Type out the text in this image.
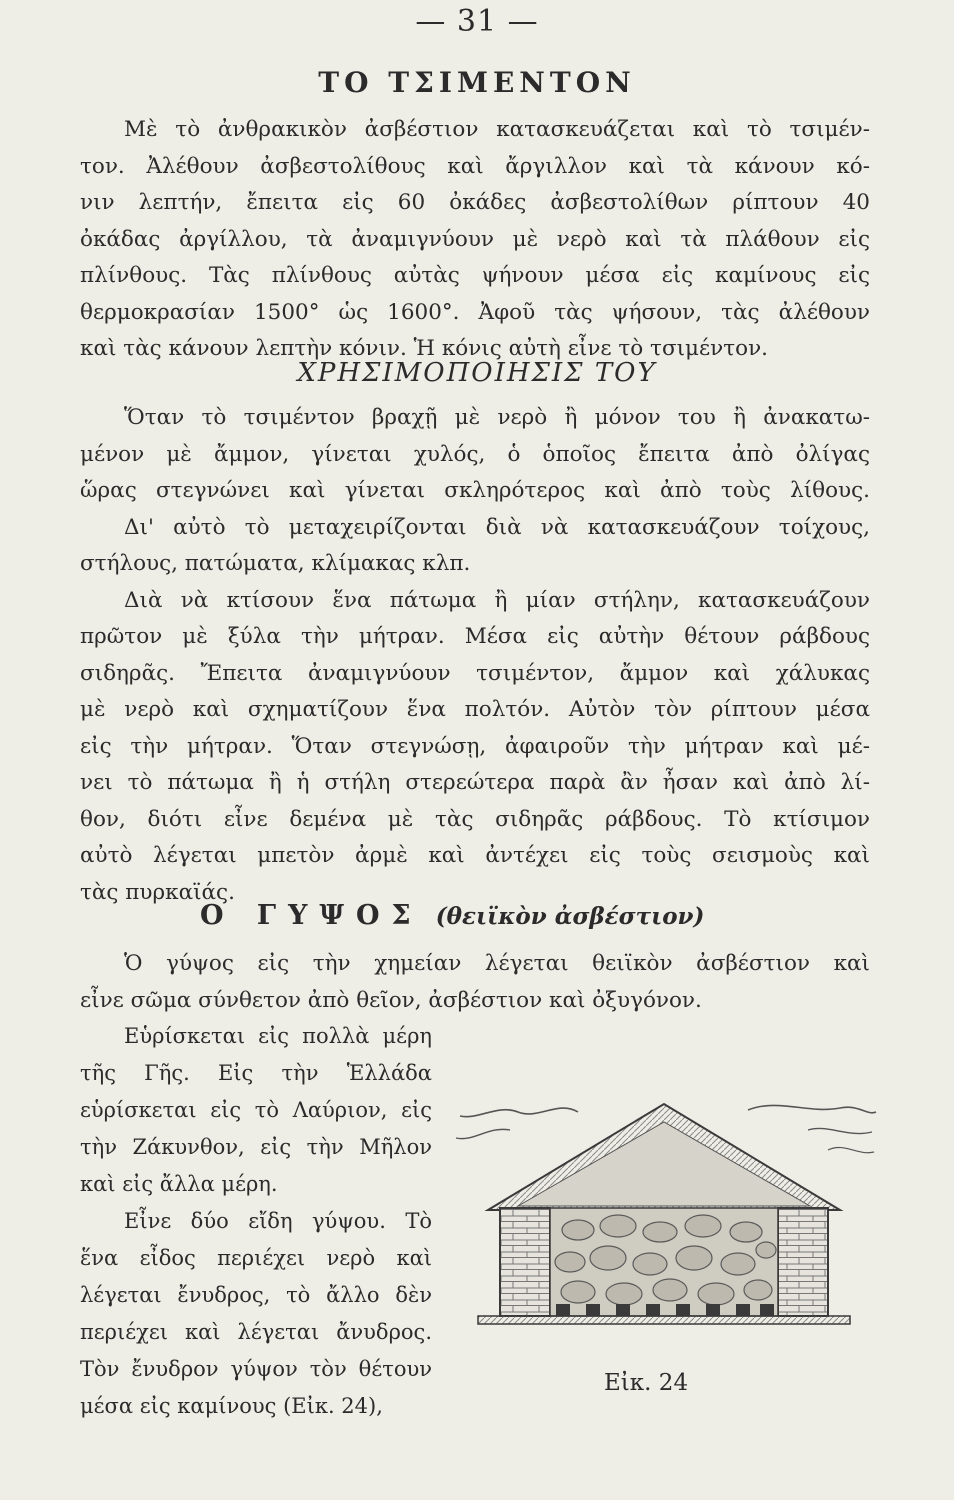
— 31 —
ΤΟ ΤΣΙΜΕΝΤΟΝ
Μὲ τὸ ἀνθρακικὸν ἀσβέστιον κατασκευάζεται καὶ τὸ τσιμέν-
τον. Ἀλέθουν ἀσβεστολίθους καὶ ἄργιλλον καὶ τὰ κάνουν κό-
νιν λεπτήν, ἔπειτα εἰς 60 ὀκάδες ἀσβεστολίθων ρίπτουν 40
ὀκάδας ἀργίλλου, τὰ ἀναμιγνύουν μὲ νερὸ καὶ τὰ πλάθουν εἰς
πλίνθους. Τὰς πλίνθους αὐτὰς ψήνουν μέσα εἰς καμίνους εἰς
θερμοκρασίαν 1500° ὡς 1600°. Ἀφοῦ τὰς ψήσουν, τὰς ἀλέθουν
καὶ τὰς κάνουν λεπτὴν κόνιν. Ἡ κόνις αὐτὴ εἶνε τὸ τσιμέντον.
ΧΡΗΣΙΜΟΠΟΙΗΣΙΣ ΤΟΥ
Ὅταν τὸ τσιμέντον βραχῇ μὲ νερὸ ἢ μόνον του ἢ ἀνακατω-
μένον μὲ ἄμμον, γίνεται χυλός, ὁ ὁποῖος ἔπειτα ἀπὸ ὀλίγας
ὥρας στεγνώνει καὶ γίνεται σκληρότερος καὶ ἀπὸ τοὺς λίθους.
Δι' αὐτὸ τὸ μεταχειρίζονται διὰ νὰ κατασκευάζουν τοίχους,
στήλους, πατώματα, κλίμακας κλπ.
Διὰ νὰ κτίσουν ἕνα πάτωμα ἢ μίαν στήλην, κατασκευάζουν
πρῶτον μὲ ξύλα τὴν μήτραν. Μέσα εἰς αὐτὴν θέτουν ράβδους
σιδηρᾶς. Ἔπειτα ἀναμιγνύουν τσιμέντον, ἄμμον καὶ χάλυκας
μὲ νερὸ καὶ σχηματίζουν ἕνα πολτόν. Αὐτὸν τὸν ρίπτουν μέσα
εἰς τὴν μήτραν. Ὅταν στεγνώσῃ, ἀφαιροῦν τὴν μήτραν καὶ μέ-
νει τὸ πάτωμα ἢ ἡ στήλη στερεώτερα παρὰ ἂν ἦσαν καὶ ἀπὸ λί-
θον, διότι εἶνε δεμένα μὲ τὰς σιδηρᾶς ράβδους. Τὸ κτίσιμον
αὐτὸ λέγεται μπετὸν ἀρμὲ καὶ ἀντέχει εἰς τοὺς σεισμοὺς καὶ
τὰς πυρκαϊάς.
Ο ΓΥΨΟΣ (θειϊκὸν ἀσβέστιον)
Ὁ γύψος εἰς τὴν χημείαν λέγεται θειϊκὸν ἀσβέστιον καὶ
εἶνε σῶμα σύνθετον ἀπὸ θεῖον, ἀσβέστιον καὶ ὀξυγόνον.
Εὑρίσκεται εἰς πολλὰ μέρη
τῆς Γῆς. Εἰς τὴν Ἑλλάδα
εὑρίσκεται εἰς τὸ Λαύριον, εἰς
τὴν Ζάκυνθον, εἰς τὴν Μῆλον
καὶ εἰς ἄλλα μέρη.
Εἶνε δύο εἴδη γύψου. Τὸ
ἕνα εἶδος περιέχει νερὸ καὶ
λέγεται ἔνυδρος, τὸ ἄλλο δὲν
περιέχει καὶ λέγεται ἄνυδρος.
Τὸν ἔνυδρον γύψον τὸν θέτουν
μέσα εἰς καμίνους (Εἰκ. 24),
Εἰκ. 24
